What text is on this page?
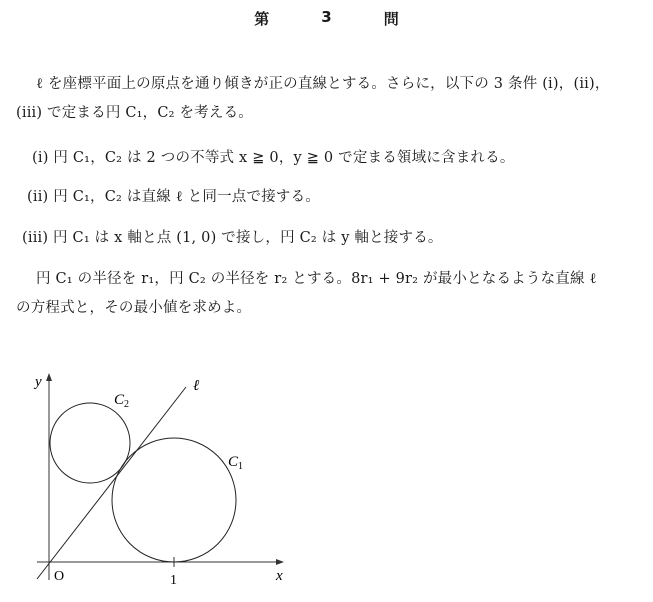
第	3	問
ℓ を座標平面上の原点を通り傾きが正の直線とする。さらに，以下の 3 条件 (i)，(ii)，
(iii) で定まる円 C₁，C₂ を考える。
(i) 円 C₁，C₂ は 2 つの不等式 x ≧ 0，y ≧ 0 で定まる領域に含まれる。
(ii) 円 C₁，C₂ は直線 ℓ と同一点で接する。
(iii) 円 C₁ は x 軸と点 (1, 0) で接し，円 C₂ は y 軸と接する。
円 C₁ の半径を r₁，円 C₂ の半径を r₂ とする。8r₁ + 9r₂ が最小となるような直線 ℓ
の方程式と，その最小値を求めよ。
y
x
O	1
ℓ
$C_2$
$C_1$
